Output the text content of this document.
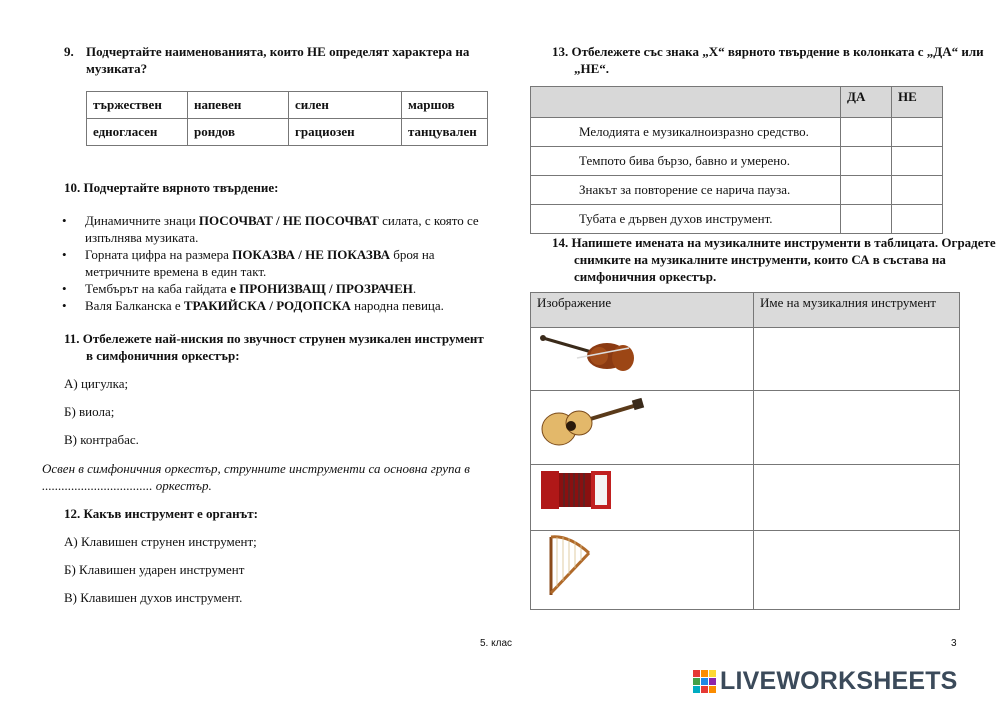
9. Подчертайте наименованията, които НЕ определят характера на музиката?
тържествен	напевен	силен	маршов
едногласен	рондов	грациозен	танцувален
10. Подчертайте вярното твърдение:
• Динамичните знаци ПОСОЧВАТ / НЕ ПОСОЧВАТ силата, с която се изпълнява музиката.
• Горната цифра на размера ПОКАЗВА / НЕ ПОКАЗВА броя на метричните времена в един такт.
• Тембърът на каба гайдата е ПРОНИЗВАЩ / ПРОЗРАЧЕН.
• Валя Балканска е ТРАКИЙСКА / РОДОПСКА народна певица.
11. Отбележете най-ниския по звучност струнен музикален инструмент в симфоничния оркестър:
А) цигулка;
Б) виола;
В) контрабас.
Освен в симфоничния оркестър, струнните инструменти са основна група в .................................. оркестър.
12. Какъв инструмент е органът:
А) Клавишен струнен инструмент;
Б) Клавишен ударен инструмент
В) Клавишен духов инструмент.
13. Отбележете със знака „X“ вярното твърдение в колонката с „ДА“ или „НЕ“.
	ДА	НЕ
Мелодията е музикалноизразно средство.		
Темпото бива бързо, бавно и умерено.		
Знакът за повторение се нарича пауза.		
Тубата е дървен духов инструмент.		
14. Напишете имената на музикалните инструменти в таблицата. Оградете снимките на музикалните инструменти, които СА в състава на симфоничния оркестър.
Изображение	Име на музикалния инструмент

5. клас	3
LIVEWORKSHEETS
